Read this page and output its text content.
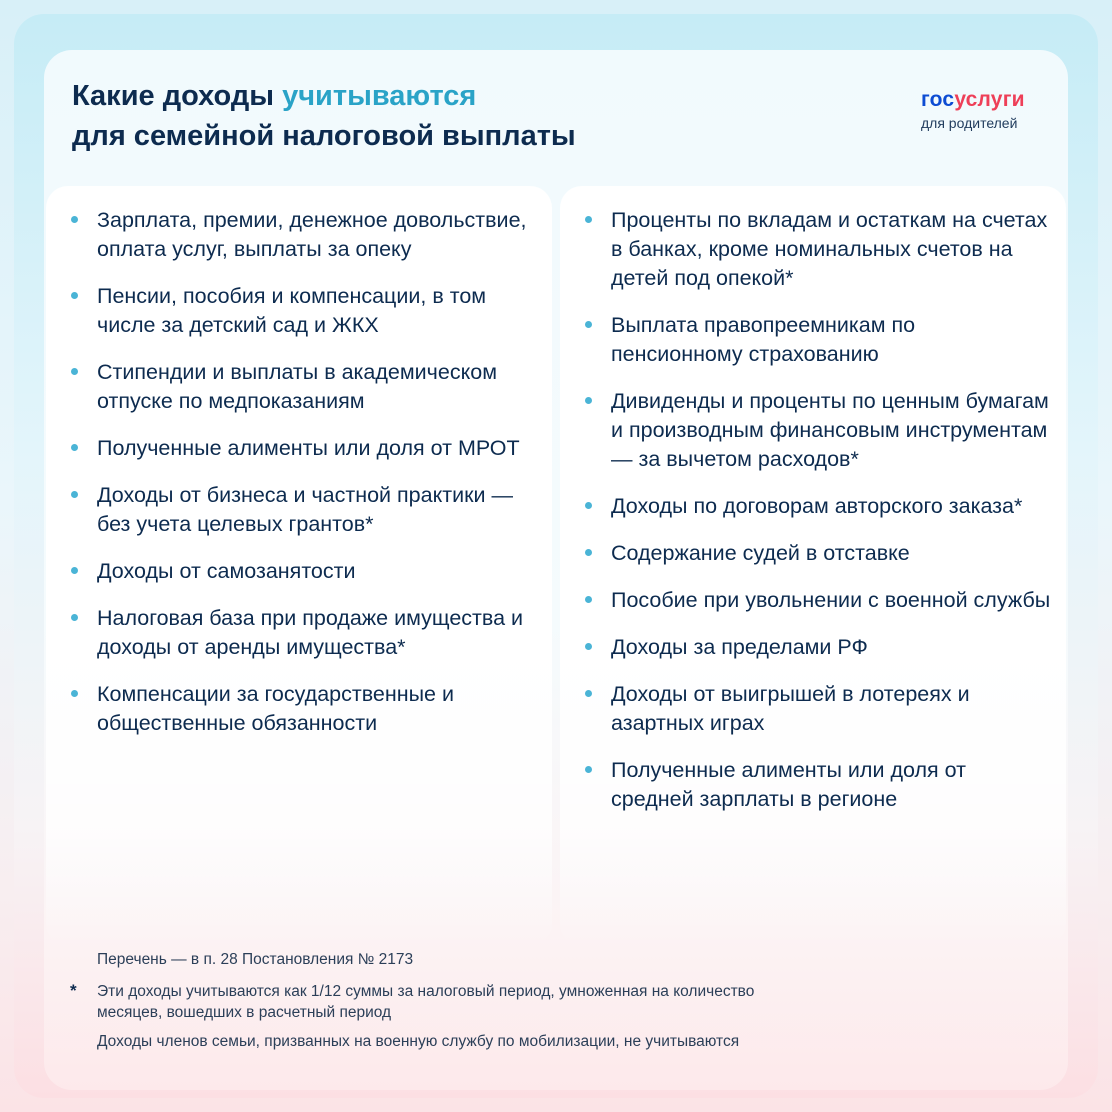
Какие доходы учитываются
для семейной налоговой выплаты
госуслуги
для родителей
Зарплата, премии, денежное довольствие, оплата услуг, выплаты за опеку
Пенсии, пособия и компенсации, в том числе за детский сад и ЖКХ
Стипендии и выплаты в академическом отпуске по медпоказаниям
Полученные алименты или доля от МРОТ
Доходы от бизнеса и частной практики — без учета целевых грантов*
Доходы от самозанятости
Налоговая база при продаже имущества и доходы от аренды имущества*
Компенсации за государственные и общественные обязанности
Проценты по вкладам и остаткам на счетах в банках, кроме номинальных счетов на детей под опекой*
Выплата правопреемникам по пенсионному страхованию
Дивиденды и проценты по ценным бумагам и производным финансовым инструментам — за вычетом расходов*
Доходы по договорам авторского заказа*
Содержание судей в отставке
Пособие при увольнении с военной службы
Доходы за пределами РФ
Доходы от выигрышей в лотереях и азартных играх
Полученные алименты или доля от средней зарплаты в регионе
Перечень — в п. 28 Постановления № 2173
* Эти доходы учитываются как 1/12 суммы за налоговый период, умноженная на количество месяцев, вошедших в расчетный период
Доходы членов семьи, призванных на военную службу по мобилизации, не учитываются
